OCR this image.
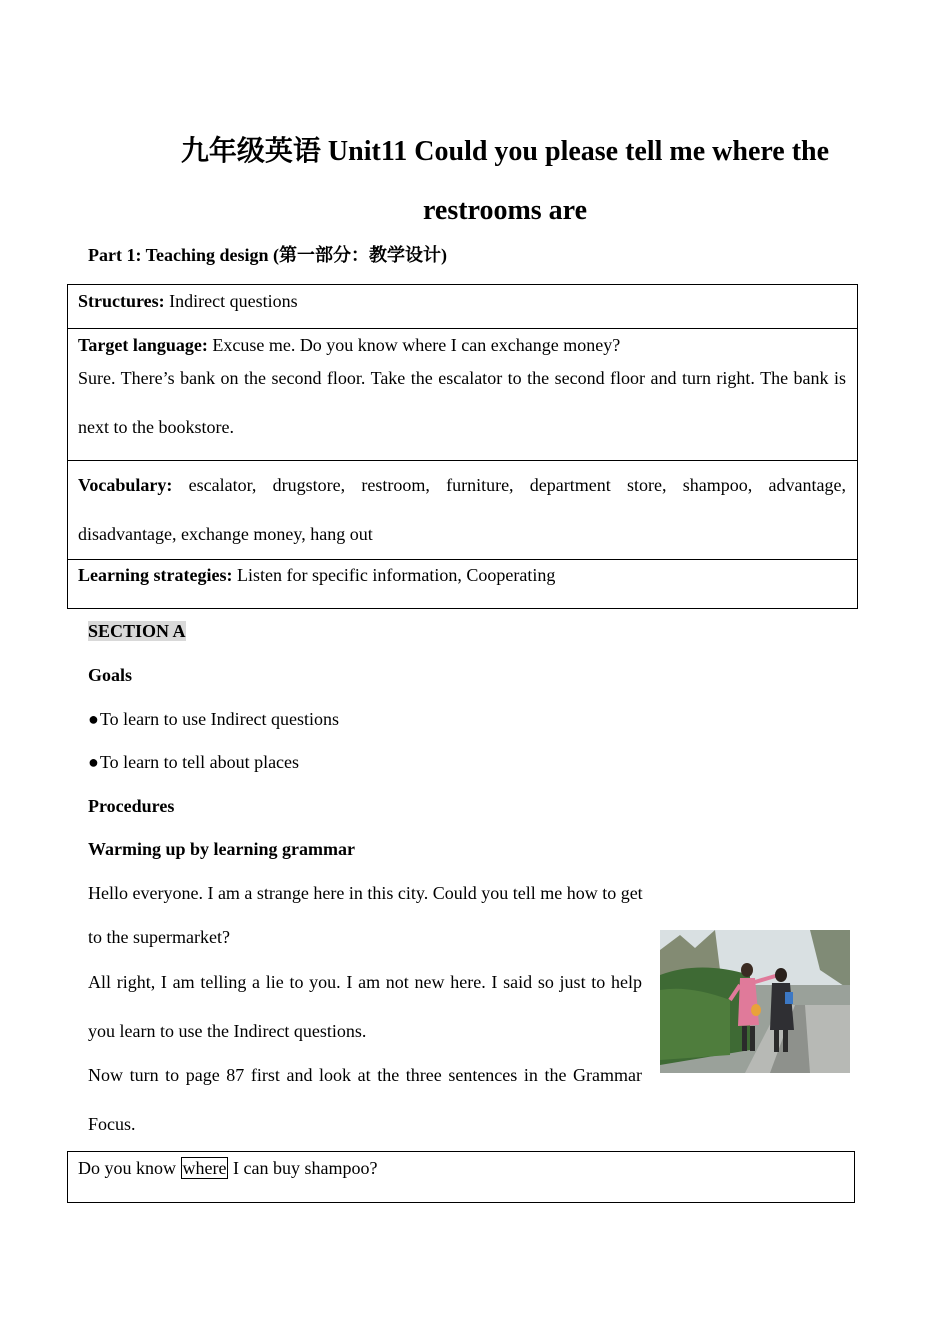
九年级英语 Unit11 Could you please tell me where the
restrooms are
Part 1: Teaching design (第一部分：教学设计)
Structures: Indirect questions

Target language: Excuse me. Do you know where I can exchange money?
Sure. There’s bank on the second floor. Take the escalator to the second floor and turn right. The bank is next to the bookstore.

Vocabulary: escalator, drugstore, restroom, furniture, department store, shampoo, advantage, disadvantage, exchange money, hang out

Learning strategies: Listen for specific information, Cooperating
SECTION A
Goals
● To learn to use Indirect questions
● To learn to tell about places
Procedures
Warming up by learning grammar
Hello everyone. I am a strange here in this city. Could you tell me how to get to the supermarket?
All right, I am telling a lie to you. I am not new here. I said so just to help you learn to use the Indirect questions.
Now turn to page 87 first and look at the three sentences in the Grammar Focus.
Do you know where I can buy shampoo?
